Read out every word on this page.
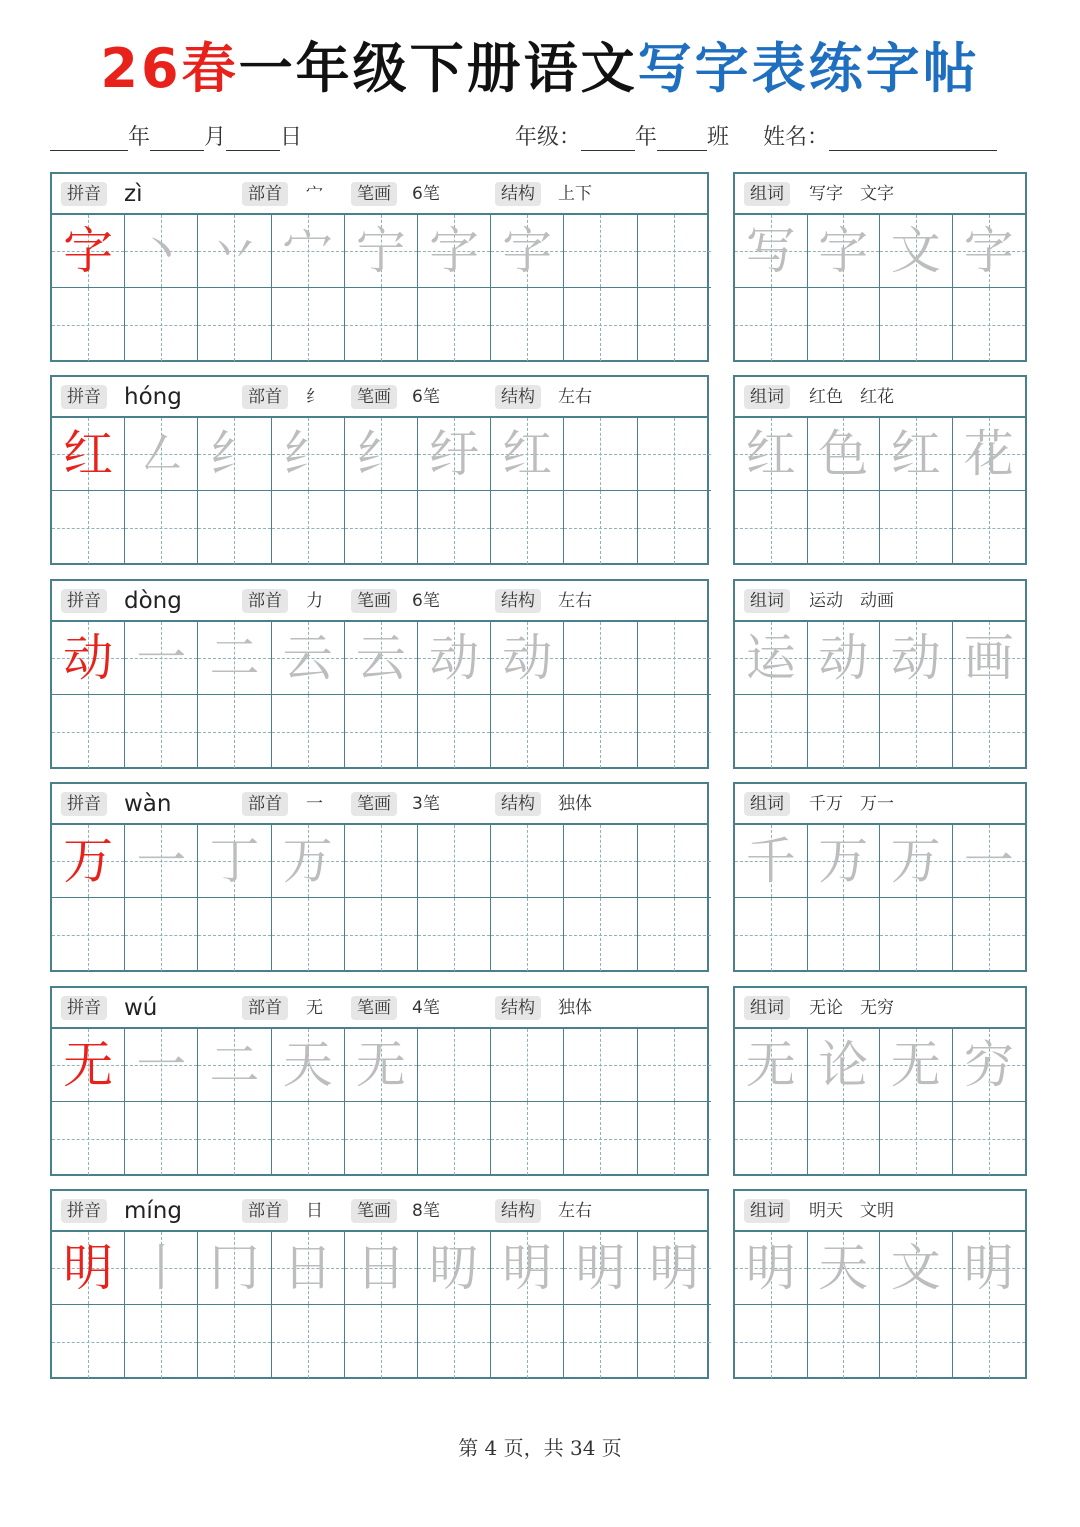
26春一年级下册语文写字表练字帖
年 月 日	年级： 年 班 姓名：
拼音 zì	部首	宀	笔画	6笔	结构	上下
字 丶 丷 宀 宁 字 字
组词	写字　文字
写 字 文 字
拼音 hóng	部首	纟	笔画	6笔	结构	左右
红 ㇜ 纟 纟 纟 纡 红
组词	红色　红花
红 色 红 花
拼音 dòng	部首	力	笔画	6笔	结构	左右
动 一 二 云 云 动 动
组词	运动　动画
运 动 动 画
拼音 wàn	部首	一	笔画	3笔	结构	独体
万 一 丁 万
组词	千万　万一
千 万 万 一
拼音 wú	部首	无	笔画	4笔	结构	独体
无 一 二 天 无
组词	无论　无穷
无 论 无 穷
拼音 míng	部首	日	笔画	8笔	结构	左右
明 丨 冂 日 日 旫 明 明 明
组词	明天　文明
明 天 文 明
第 4 页，共 34 页
